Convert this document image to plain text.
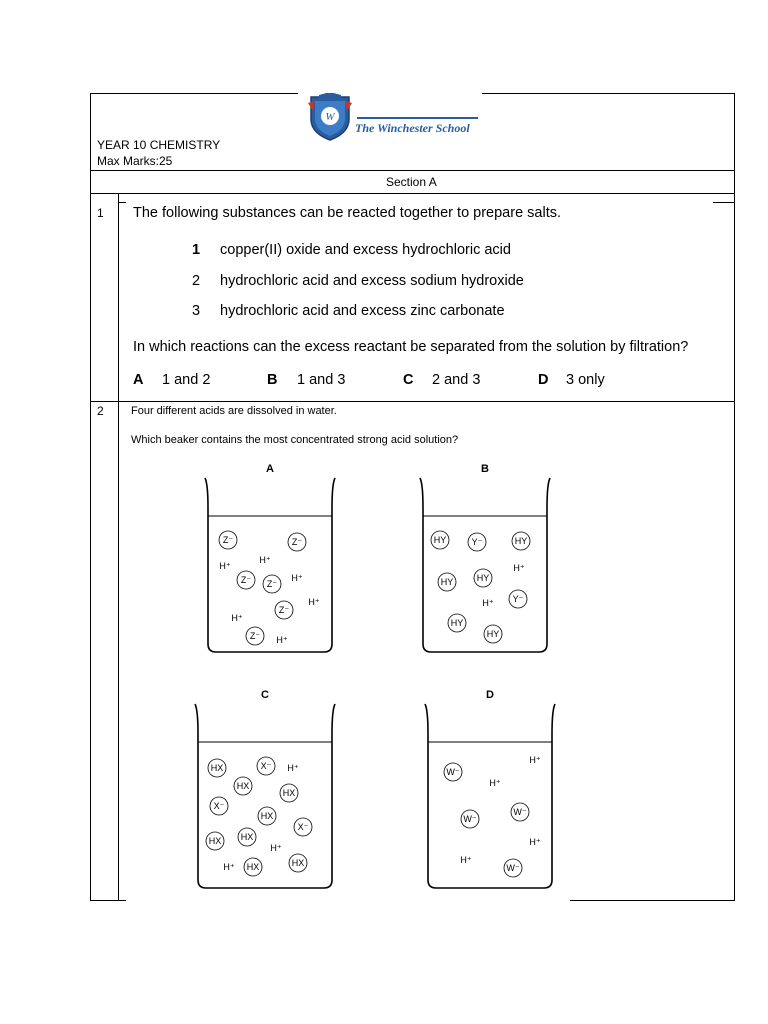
W
The Winchester School
YEAR 10 CHEMISTRY
Max Marks:25
Section A
1 The following substances can be reacted together to prepare salts.
1 copper(II) oxide and excess hydrochloric acid
2 hydrochloric acid and excess sodium hydroxide
3 hydrochloric acid and excess zinc carbonate
In which reactions can the excess reactant be separated from the solution by filtration?
A 1 and 2	B 1 and 3	C 2 and 3	D 3 only
2 Four different acids are dissolved in water.
Which beaker contains the most concentrated strong acid solution?
A
Z⁻	Z⁻
H⁺
H⁺
Z⁻	H⁺
Z⁻
Z⁻
H⁺
H⁺
Z⁻ H⁺
B
HY	Y⁻	HY
H⁺
HY	HY
Y⁻
H⁺
HY
HY
C
HX	X⁻ H⁺
HX
HX
X⁻
HX
X⁻
HX HX
H⁺
H⁺ HX	HX
D
H⁺
W⁻
H⁺
W⁻
W⁻
H⁺
H⁺
W⁻
